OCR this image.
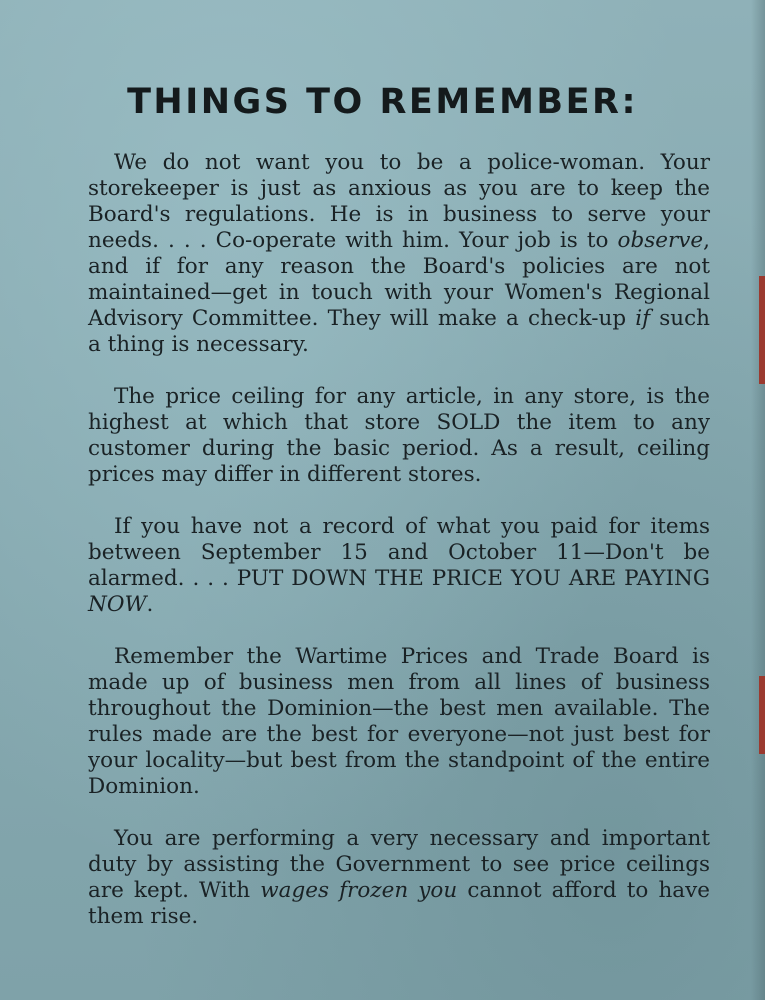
THINGS TO REMEMBER:

We do not want you to be a police-woman. Your storekeeper is just as anxious as you are to keep the Board's regulations. He is in business to serve your needs. . . . Co-operate with him. Your job is to observe, and if for any reason the Board's policies are not maintained—get in touch with your Women's Regional Advisory Committee. They will make a check-up if such a thing is necessary.

The price ceiling for any article, in any store, is the highest at which that store SOLD the item to any customer during the basic period. As a result, ceiling prices may differ in different stores.

If you have not a record of what you paid for items between September 15 and October 11—Don't be alarmed. . . . PUT DOWN THE PRICE YOU ARE PAYING NOW.

Remember the Wartime Prices and Trade Board is made up of business men from all lines of business throughout the Dominion—the best men available. The rules made are the best for everyone—not just best for your locality—but best from the standpoint of the entire Dominion.

You are performing a very necessary and important duty by assisting the Government to see price ceilings are kept. With wages frozen you cannot afford to have them rise.
